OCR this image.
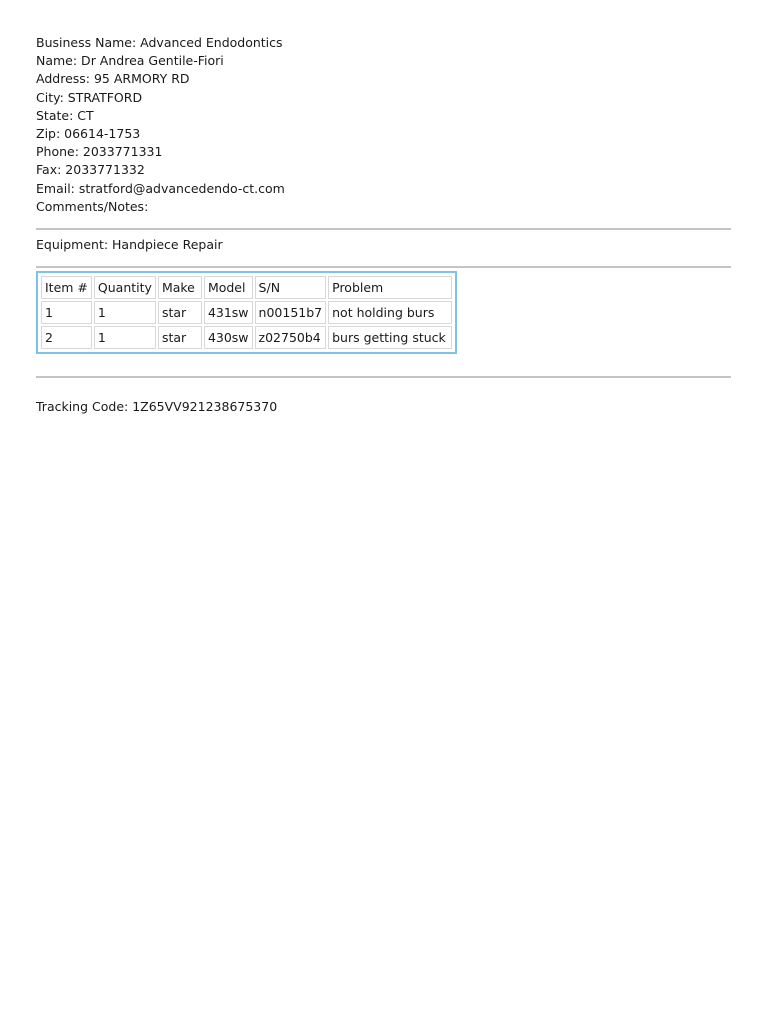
Business Name: Advanced Endodontics
Name: Dr Andrea Gentile-Fiori
Address: 95 ARMORY RD
City: STRATFORD
State: CT
Zip: 06614-1753
Phone: 2033771331
Fax: 2033771332
Email: stratford@advancedendo-ct.com
Comments/Notes:
Equipment: Handpiece Repair
Item #	Quantity	Make	Model	S/N	Problem
1	1	star	431sw	n00151b7	not holding burs
2	1	star	430sw	z02750b4	burs getting stuck
Tracking Code: 1Z65VV921238675370
